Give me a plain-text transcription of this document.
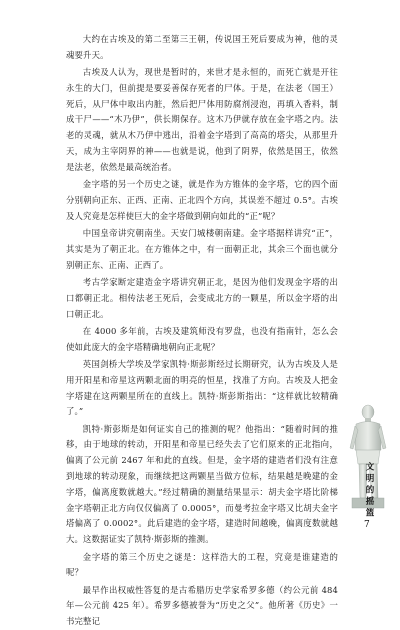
大约在古埃及的第二至第三王朝，传说国王死后要成为神，他的灵魂要升天。

古埃及人认为，现世是暂时的，来世才是永恒的，而死亡就是开往永生的大门，但前提是要妥善保存死者的尸体。于是，在法老（国王）死后，从尸体中取出内脏，然后把尸体用防腐剂浸泡，再填入香料，制成干尸——“木乃伊”，供长期保存。这木乃伊就存放在金字塔之内。法老的灵魂，就从木乃伊中逃出，沿着金字塔到了高高的塔尖，从那里升天，成为主宰阴界的神——也就是说，他到了阴界，依然是国王，依然是法老，依然是最高统治者。

金字塔的另一个历史之谜，就是作为方锥体的金字塔，它的四个面分别朝向正东、正西、正南、正北四个方向，其误差不超过 0.5°。古埃及人究竟是怎样使巨大的金字塔做到朝向如此的“正”呢？

中国皇帝讲究朝南坐。天安门城楼朝南建。金字塔据样讲究“正”，其实是为了朝正北。在方锥体之中，有一面朝正北，其余三个面也就分别朝正东、正南、正西了。

考古学家断定建造金字塔讲究朝正北，是因为他们发现金字塔的出口都朝正北。相传法老王死后，会变成北方的一颗星，所以金字塔的出口朝正北。

在 4000 多年前，古埃及建筑师没有罗盘，也没有指南针，怎么会使如此庞大的金字塔精确地朝向正北呢？

英国剑桥大学埃及学家凯特·斯彭斯经过长期研究，认为古埃及人是用开阳星和帝星这两颗北面的明亮的恒星，找准了方向。古埃及人把金字塔建在这两颗星所在的直线上。凯特·斯彭斯指出：“这样就比较精确了。”

凯特·斯彭斯是如何证实自己的推测的呢？他指出：“随着时间的推移，由于地球的转动，开阳星和帝星已经失去了它们原来的正北指向，偏离了公元前 2467 年和此的直线。但是，金字塔的建造者们没有注意到地球的转动现象，而继续把这两颗星当做方位标，结果越是晚建的金字塔，偏离度数就越大。”经过精确的测量结果显示：胡夫金字塔比阶梯金字塔朝正北方向仅仅偏离了 0.0005°，而曼考拉金字塔又比胡夫金字塔偏离了 0.0002°。此后建造的金字塔，建造时间越晚，偏离度数就越大。这数据证实了凯特·斯彭斯的推测。

金字塔的第三个历史之谜是：这样浩大的工程，究竟是谁建造的呢？

最早作出权威性答复的是古希腊历史学家希罗多德（约公元前 484 年—公元前 425 年）。希罗多德被誉为“历史之父”。他所著《历史》一书完整记

文明的摇篮
7
